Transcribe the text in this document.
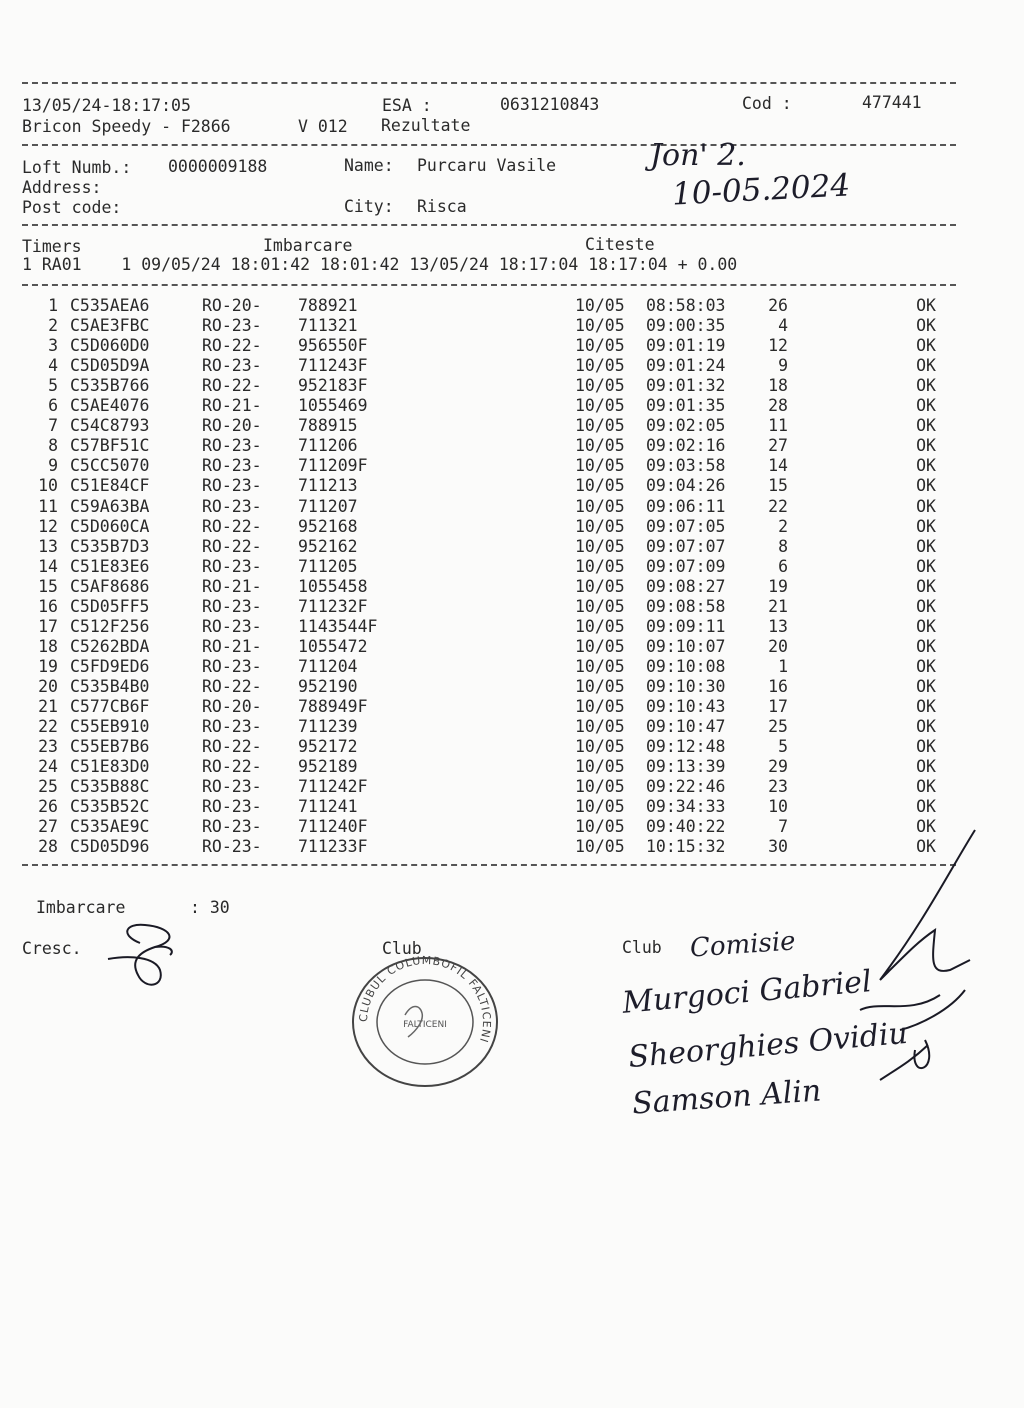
13/05/24-18:17:05	ESA :	0631210843	Cod :	477441
Bricon Speedy - F2866	V 012 Rezultate
Loft Numb.: 0000009188	Name: Purcaru Vasile
Address:
Post code:	City: Risca
Jon' 2.
10-05.2024
Timers	Imbarcare	Citeste
1 RA01    1 09/05/24 18:01:42 18:01:42 13/05/24 18:17:04 18:17:04 + 0.00
1 C535AEA6	RO-20-	788921	10/05	08:58:03	26	OK
2 C5AE3FBC	RO-23-	711321	10/05	09:00:35	4	OK
3 C5D060D0	RO-22-	956550F	10/05	09:01:19	12	OK
4 C5D05D9A	RO-23-	711243F	10/05	09:01:24	9	OK
5 C535B766	RO-22-	952183F	10/05	09:01:32	18	OK
6 C5AE4076	RO-21-	1055469	10/05	09:01:35	28	OK
7 C54C8793	RO-20-	788915	10/05	09:02:05	11	OK
8 C57BF51C	RO-23-	711206	10/05	09:02:16	27	OK
9 C5CC5070	RO-23-	711209F	10/05	09:03:58	14	OK
10 C51E84CF	RO-23-	711213	10/05	09:04:26	15	OK
11 C59A63BA	RO-23-	711207	10/05	09:06:11	22	OK
12 C5D060CA	RO-22-	952168	10/05	09:07:05	2	OK
13 C535B7D3	RO-22-	952162	10/05	09:07:07	8	OK
14 C51E83E6	RO-23-	711205	10/05	09:07:09	6	OK
15 C5AF8686	RO-21-	1055458	10/05	09:08:27	19	OK
16 C5D05FF5	RO-23-	711232F	10/05	09:08:58	21	OK
17 C512F256	RO-23-	1143544F	10/05	09:09:11	13	OK
18 C5262BDA	RO-21-	1055472	10/05	09:10:07	20	OK
19 C5FD9ED6	RO-23-	711204	10/05	09:10:08	1	OK
20 C535B4B0	RO-22-	952190	10/05	09:10:30	16	OK
21 C577CB6F	RO-20-	788949F	10/05	09:10:43	17	OK
22 C55EB910	RO-23-	711239	10/05	09:10:47	25	OK
23 C55EB7B6	RO-22-	952172	10/05	09:12:48	5	OK
24 C51E83D0	RO-22-	952189	10/05	09:13:39	29	OK
25 C535B88C	RO-23-	711242F	10/05	09:22:46	23	OK
26 C535B52C	RO-23-	711241	10/05	09:34:33	10	OK
27 C535AE9C	RO-23-	711240F	10/05	09:40:22	7	OK
28 C5D05D96	RO-23-	711233F	10/05	10:15:32	30	OK
Imbarcare	: 30
Cresc.	Club	Club
CLUBUL COLUMBOFIL FALTICENI
FALTICENI
Comisie
Murgoci Gabriel
Sheorghies Ovidiu
Samson Alin
